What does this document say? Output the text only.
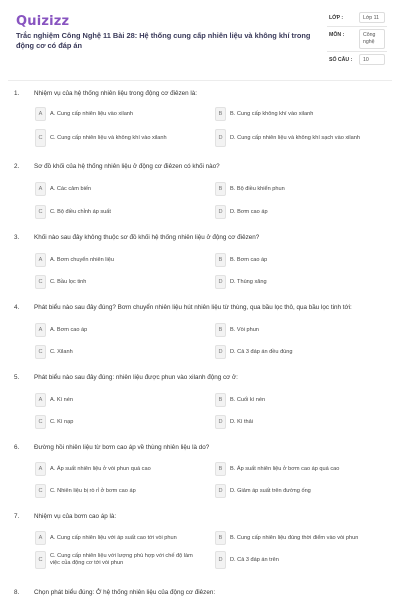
Quizizz
Trắc nghiệm Công Nghệ 11 Bài 28: Hệ thống cung cấp nhiên liệu và không khí trong động cơ có đáp án
LỚP :	Lớp 11
MÔN :	Công nghệ
SỐ CÂU :	10
1. Nhiệm vụ của hệ thống nhiên liệu trong động cơ điêzen là:
A	A. Cung cấp nhiên liệu vào xilanh	B	B. Cung cấp không khí vào xilanh
C	C. Cung cấp nhiên liệu và không khí vào xilanh	D	D. Cung cấp nhiên liệu và không khí sạch vào xilanh
2. Sơ đồ khối của hệ thống nhiên liệu ở động cơ điêzen có khối nào?
A	A. Các cảm biến	B	B. Bộ điều khiển phun
C	C. Bộ điều chỉnh áp suất	D	D. Bơm cao áp
3. Khối nào sau đây không thuộc sơ đồ khối hệ thống nhiên liệu ở động cơ điêzen?
A	A. Bơm chuyển nhiên liệu	B	B. Bơm cao áp
C	C. Bầu lọc tinh	D	D. Thùng xăng
4. Phát biểu nào sau đây đúng? Bơm chuyển nhiên liệu hút nhiên liệu từ thùng, qua bầu lọc thô, qua bầu lọc tinh tới:
A	A. Bơm cao áp	B	B. Vòi phun
C	C. Xilanh	D	D. Cả 3 đáp án đều đúng
5. Phát biểu nào sau đây đúng: nhiên liệu được phun vào xilanh động cơ ở:
A	A. Kì nén	B	B. Cuối kì nén
C	C. Kì nạp	D	D. Kì thải
6. Đường hồi nhiên liệu từ bơm cao áp về thùng nhiên liệu là do?
A	A. Áp suất nhiên liệu ở vòi phun quá cao	B	B. Áp suất nhiên liệu ở bơm cao áp quá cao
C	C. Nhiên liệu bị rò rỉ ở bơm cao áp	D	D. Giảm áp suất trên đường ống
7. Nhiệm vụ của bơm cao áp là:
A	A. Cung cấp nhiên liệu với áp suất cao tới vòi phun	B	B. Cung cấp nhiên liệu đúng thời điểm vào vòi phun
C
C. Cung cấp nhiên liệu với lượng phù hợp với chế độ làm việc của động cơ tới vòi phun	D	D. Cả 3 đáp án trên
8. Chọn phát biểu đúng: Ở hệ thống nhiên liệu của động cơ điêzen:
